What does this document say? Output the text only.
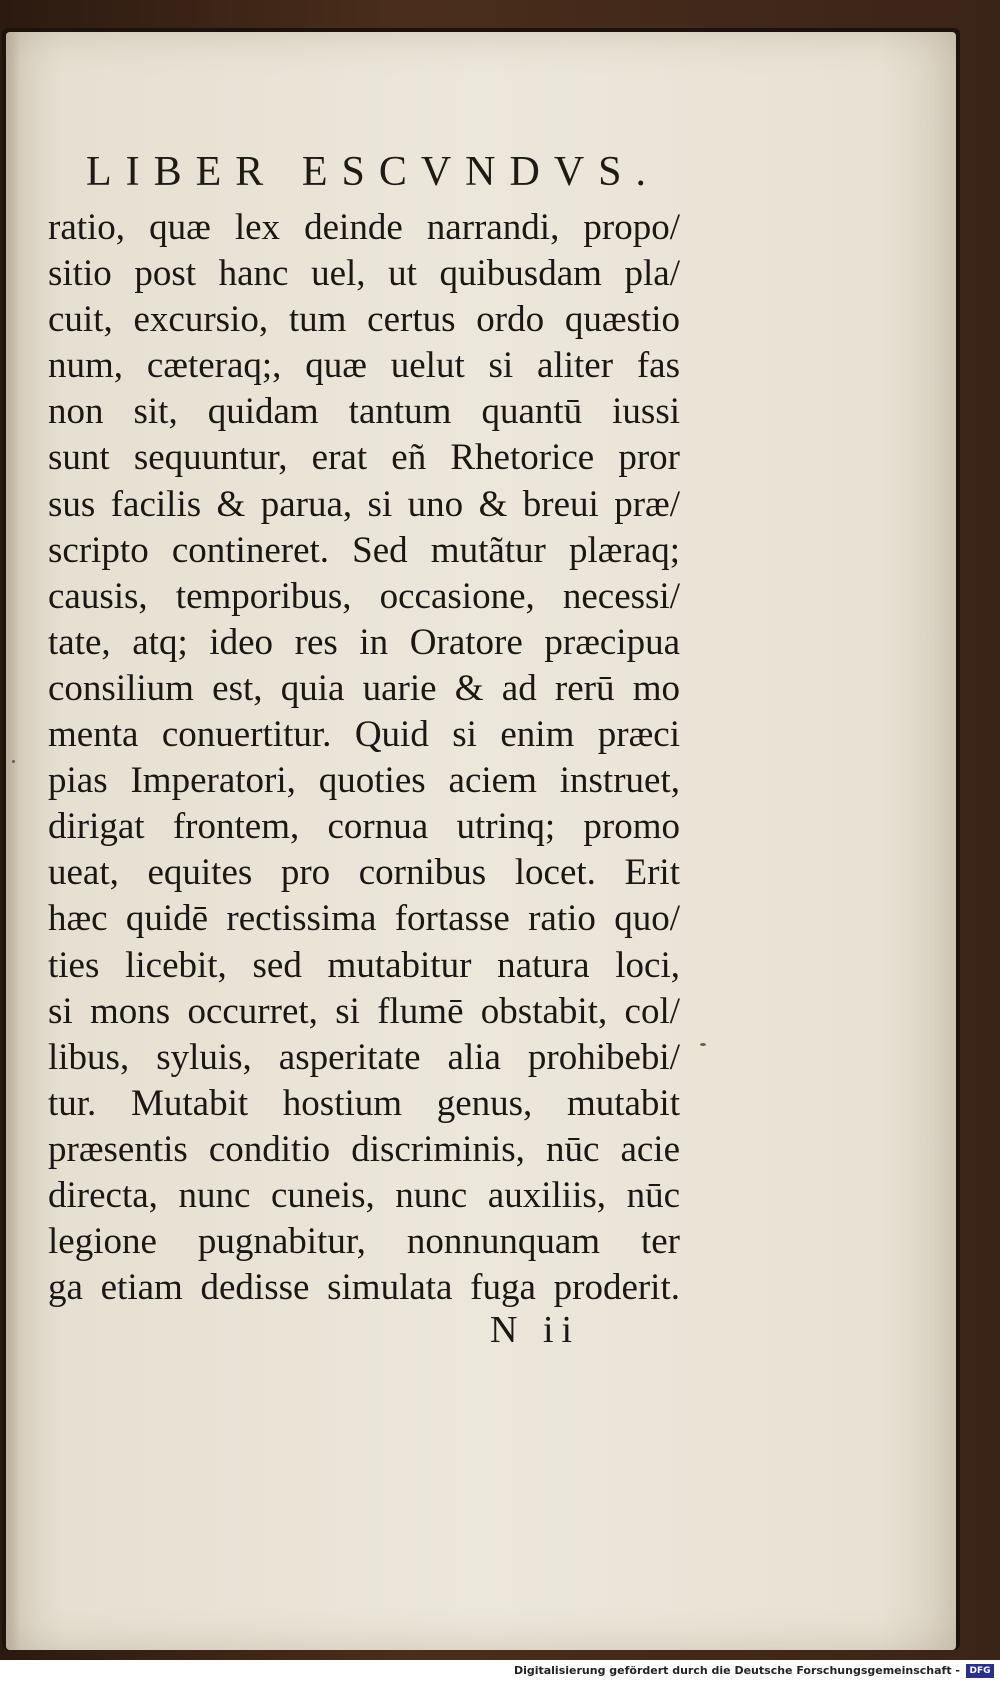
LIBER ESCVNDVS.
ratio, quæ lex deinde narrandi, propo/
sitio post hanc uel, ut quibusdam pla/
cuit, excursio, tum certus ordo quæstio
num, cæteraq;, quæ uelut si aliter fas
non sit, quidam tantum quantū iussi
sunt sequuntur, erat eñ Rhetorice pror
sus facilis & parua, si uno & breui præ/
scripto contineret. Sed mutãtur plæraq;
causis, temporibus, occasione, necessi/
tate, atq; ideo res in Oratore præcipua
consilium est, quia uarie & ad rerū mo
menta conuertitur. Quid si enim præci
pias Imperatori, quoties aciem instruet,
dirigat frontem, cornua utrinq; promo
ueat, equites pro cornibus locet. Erit
hæc quidē rectissima fortasse ratio quo/
ties licebit, sed mutabitur natura loci,
si mons occurret, si flumē obstabit, col/
libus, syluis, asperitate alia prohibebi/
tur. Mutabit hostium genus, mutabit
præsentis conditio discriminis, nūc acie
directa, nunc cuneis, nunc auxiliis, nūc
legione pugnabitur, nonnunquam ter
ga etiam dedisse simulata fuga proderit.
N ii
Digitalisierung gefördert durch die Deutsche Forschungsgemeinschaft -	DFG
